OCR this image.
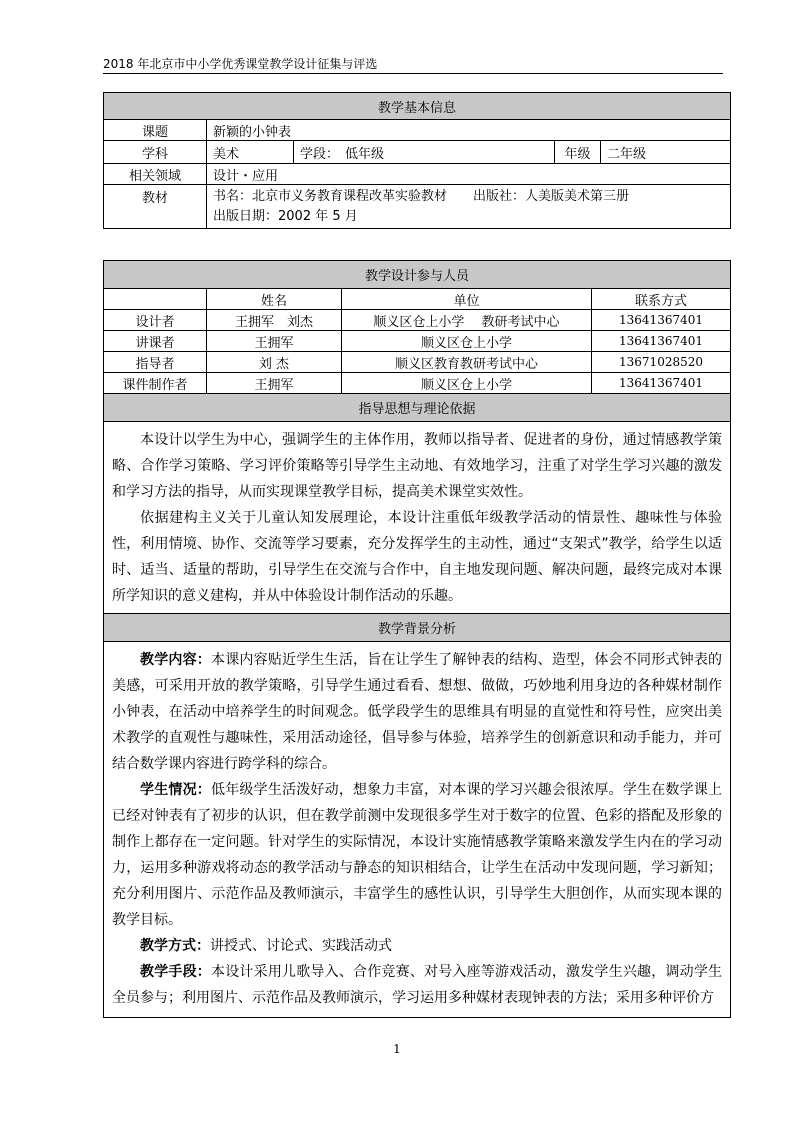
2018 年北京市中小学优秀课堂教学设计征集与评选
教学基本信息				
课题	新颖的小钟表			
学科	美术	学段： 低年级	年级	二年级
相关领域	设计・应用			
教材	书名：北京市义务教育课程改革实验教材 出版社：人美版美术第三册
出版日期：2002 年 5 月			
教学设计参与人员			
	姓名	单位	联系方式
设计者	王拥军　刘杰	顺义区仓上小学　 教研考试中心	13641367401
讲课者	王拥军	顺义区仓上小学	13641367401
指导者	刘 杰	顺义区教育教研考试中心	13671028520
课件制作者	王拥军	顺义区仓上小学	13641367401
指导思想与理论依据			

本设计以学生为中心，强调学生的主体作用，教师以指导者、促进者的身份，通过情感教学策略、合作学习策略、学习评价策略等引导学生主动地、有效地学习，注重了对学生学习兴趣的激发和学习方法的指导，从而实现课堂教学目标，提高美术课堂实效性。

依据建构主义关于儿童认知发展理论，本设计注重低年级教学活动的情景性、趣味性与体验性，利用情境、协作、交流等学习要素，充分发挥学生的主动性，通过“支架式”教学，给学生以适时、适当、适量的帮助，引导学生在交流与合作中，自主地发现问题、解决问题，最终完成对本课所学知识的意义建构，并从中体验设计制作活动的乐趣。			

教学背景分析			

教学内容：本课内容贴近学生生活，旨在让学生了解钟表的结构、造型，体会不同形式钟表的美感，可采用开放的教学策略，引导学生通过看看、想想、做做，巧妙地利用身边的各种媒材制作小钟表，在活动中培养学生的时间观念。低学段学生的思维具有明显的直觉性和符号性，应突出美术教学的直观性与趣味性，采用活动途径，倡导参与体验，培养学生的创新意识和动手能力，并可结合数学课内容进行跨学科的综合。

学生情况：低年级学生活泼好动，想象力丰富，对本课的学习兴趣会很浓厚。学生在数学课上已经对钟表有了初步的认识，但在教学前测中发现很多学生对于数字的位置、色彩的搭配及形象的制作上都存在一定问题。针对学生的实际情况，本设计实施情感教学策略来激发学生内在的学习动力，运用多种游戏将动态的教学活动与静态的知识相结合，让学生在活动中发现问题，学习新知；充分利用图片、示范作品及教师演示，丰富学生的感性认识，引导学生大胆创作，从而实现本课的教学目标。

教学方式：讲授式、讨论式、实践活动式

教学手段：本设计采用儿歌导入、合作竞赛、对号入座等游戏活动，激发学生兴趣，调动学生全员参与；利用图片、示范作品及教师演示，学习运用多种媒材表现钟表的方法；采用多种评价方			

1
